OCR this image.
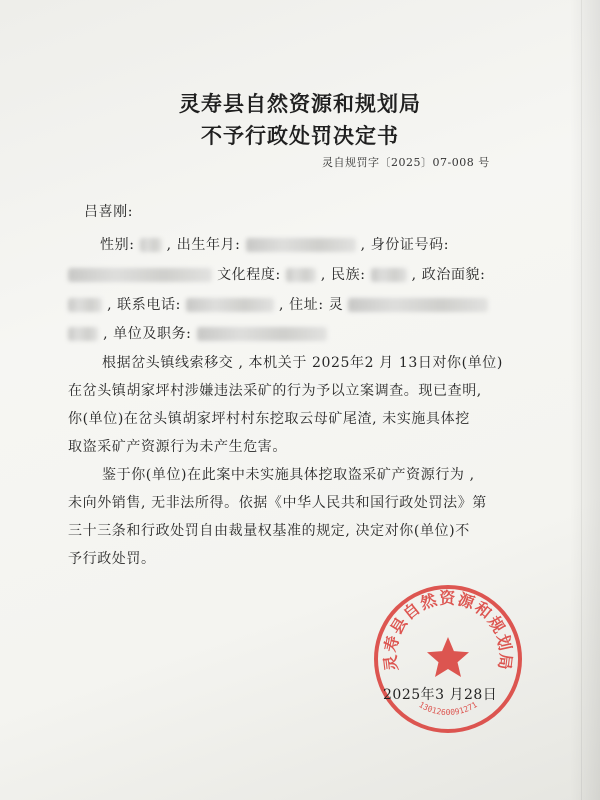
灵寿县自然资源和规划局
不予行政处罚决定书
灵自规罚字〔2025〕07-008 号
吕喜刚:
性别: , 出生年月:	, 身份证号码:
文化程度:	, 民族:	, 政治面貌:
, 联系电话:	, 住址: 灵
, 单位及职务:
根据岔头镇线索移交 , 本机关于 2025年2 月 13日对你(单位)
在岔头镇胡家坪村涉嫌违法采矿的行为予以立案调查。现已查明,
你(单位)在岔头镇胡家坪村村东挖取云母矿尾渣, 未实施具体挖
取盗采矿产资源行为未产生危害。
鉴于你(单位)在此案中未实施具体挖取盗采矿产资源行为 ,
未向外销售, 无非法所得。依据《中华人民共和国行政处罚法》第
三十三条和行政处罚自由裁量权基准的规定, 决定对你(单位)不
予行政处罚。
灵寿县自然资源和规划局
1301260091271
2025年3 月28日
